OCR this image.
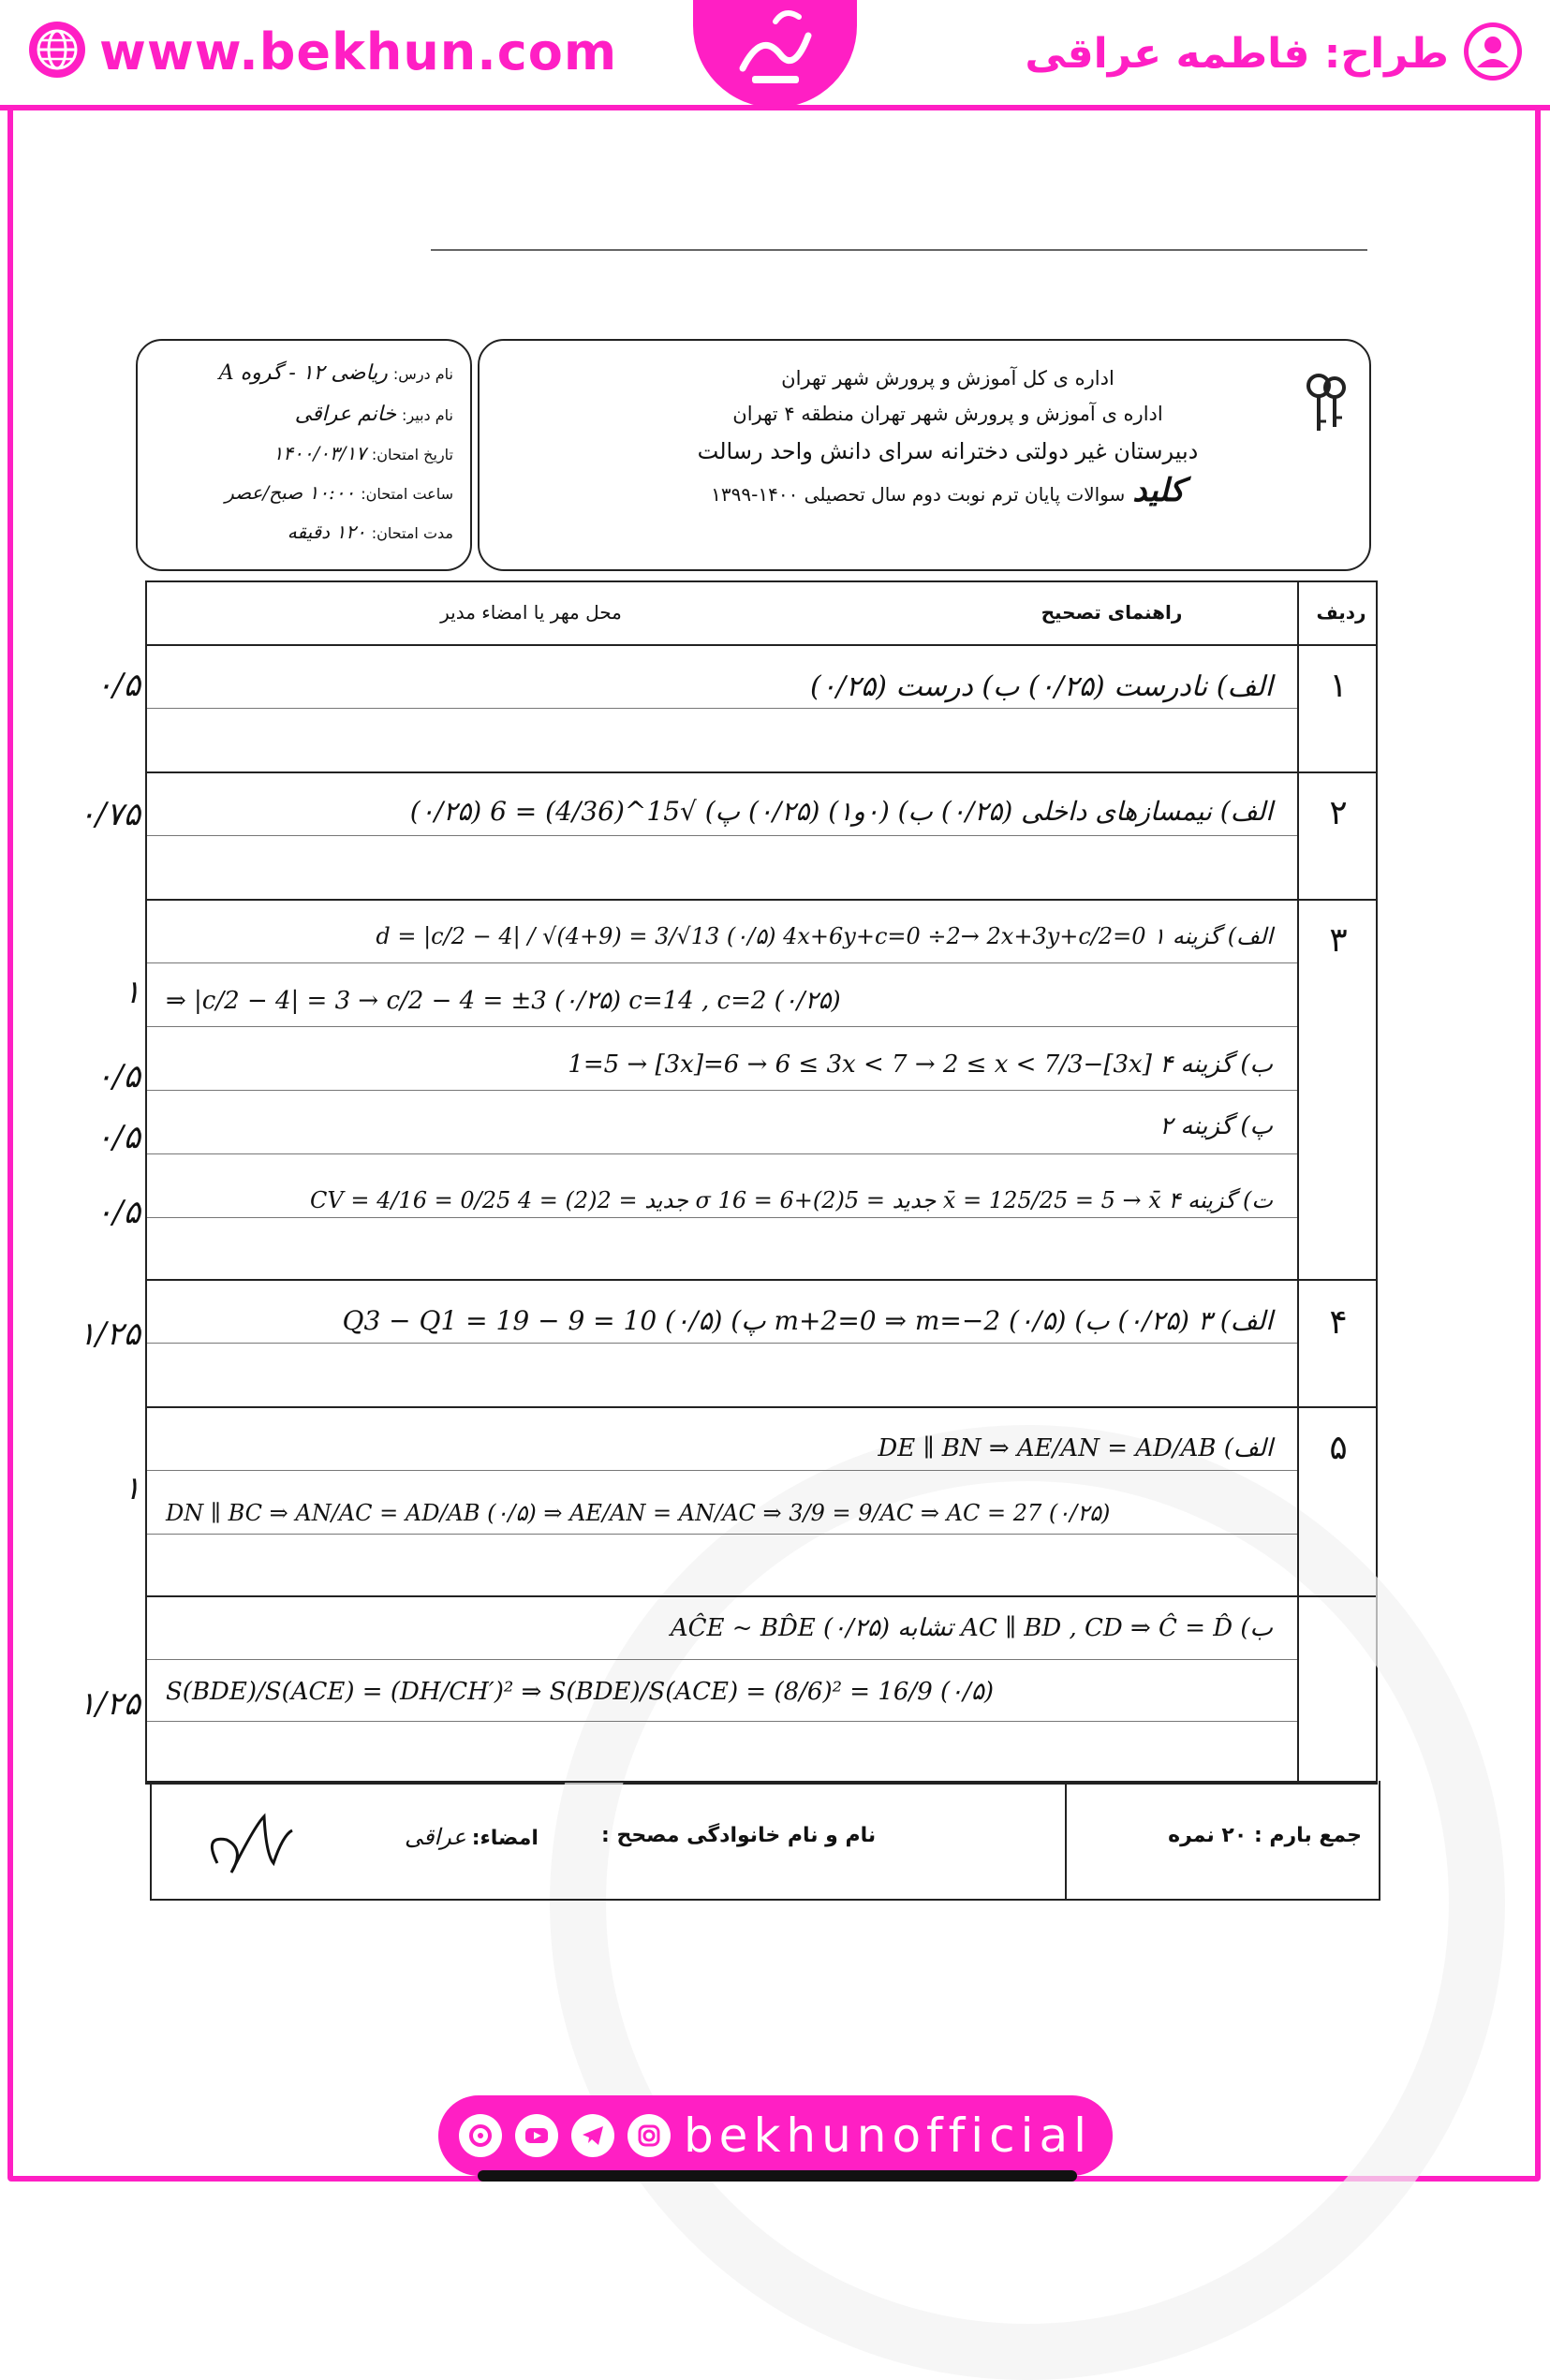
www.bekhun.com	طراح: فاطمه عراقی
اداره ی کل آموزش و پرورش شهر تهران
اداره ی آموزش و پرورش شهر تهران منطقه ۴ تهران
دبیرستان غیر دولتی دخترانه سرای دانش واحد رسالت
کلید
سوالات پایان ترم نوبت دوم سال تحصیلی ۱۴۰۰-۱۳۹۹
نام درس:
ریاضی ۱۲ - گروه A
نام دبیر:
خانم عراقی
تاریخ امتحان:
۱۴۰۰/۰۳/۱۷
ساعت امتحان:
۱۰:۰۰ صبح/عصر
مدت امتحان:
۱۲۰ دقیقه
ردیف
راهنمای تصحیح
محل مهر یا امضاء مدیر
۱
الف) نادرست (۰/۲۵) ب) درست (۰/۲۵)
۲
الف) نیمسازهای داخلی (۰/۲۵) ب) (۰و۱) (۰/۲۵) پ) √15^(4/36) = 6 (۰/۲۵)
۳
الف) گزینه ۱ d = |c/2 − 4| / √(4+9) = 3/√13 (۰/۵) 4x+6y+c=0 ÷2→ 2x+3y+c/2=0
⇒ |c/2 − 4| = 3 → c/2 − 4 = ±3 (۰/۲۵) c=14 , c=2 (۰/۲۵)
ب) گزینه ۴ [3x]−1=5 → [3x]=6 → 6 ≤ 3x < 7 → 2 ≤ x < 7/3
پ) گزینه ۲
ت) گزینه ۴ x̄ = 125/25 = 5 → x̄ جدید = 5(2)+6 = 16 σ جدید = 2(2) = 4 CV = 4/16 = 0/25
۴
الف) ۳ (۰/۲۵) ب) m+2=0 ⇒ m=−2 (۰/۵) پ) Q3 − Q1 = 19 − 9 = 10 (۰/۵)
۵
الف) DE ∥ BN ⇒ AE/AN = AD/AB
DN ∥ BC ⇒ AN/AC = AD/AB (۰/۵) ⇒ AE/AN = AN/AC ⇒ 3/9 = 9/AC ⇒ AC = 27 (۰/۲۵)
ب) AC ∥ BD , CD ⇒ Ĉ = D̂ تشابه AĈE ~ BD̂E (۰/۲۵)
S(BDE)/S(ACE) = (DH/CH′)² ⇒ S(BDE)/S(ACE) = (8/6)² = 16/9 (۰/۵)
جمع بارم : ۲۰ نمره
نام و نام خانوادگی مصحح :
امضاء:
عراقی
۰/۵
۰/۷۵
۱
۰/۵
۰/۵
۰/۵
۱/۲۵
۱
۱/۲۵
bekhunofficial
